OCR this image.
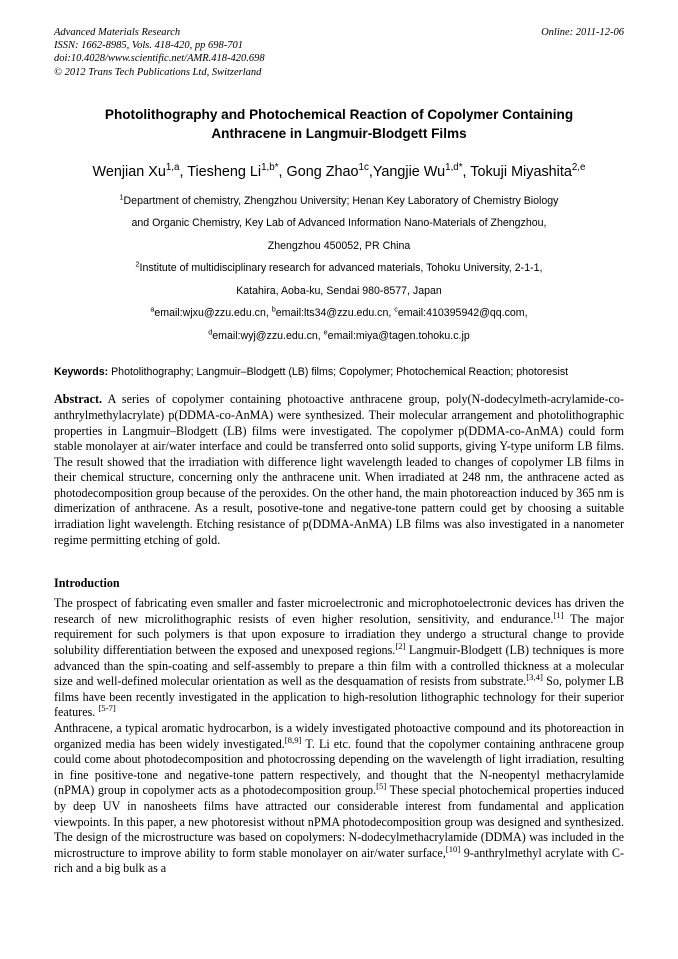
Advanced Materials Research
ISSN: 1662-8985, Vols. 418-420, pp 698-701
doi:10.4028/www.scientific.net/AMR.418-420.698
© 2012 Trans Tech Publications Ltd, Switzerland
Online: 2011-12-06
Photolithography and Photochemical Reaction of Copolymer Containing Anthracene in Langmuir-Blodgett Films
Wenjian Xu$^{1,a}$, Tiesheng $Li^{1,b*}$, Gong Zhao$^{1c}$,Yangjie $Wu^{1,d*}$, Tokuji Miyashita$^{2,e}$
$^1$Department of chemistry, Zhengzhou University; Henan Key Laboratory of Chemistry Biology
and Organic Chemistry, Key Lab of Advanced Information Nano-Materials of Zhengzhou,
Zhengzhou 450052, PR China
$^2$Institute of multidisciplinary research for advanced materials, Tohoku University, 2-1-1,
Katahira, Aoba-ku, Sendai 980-8577, Japan
$^a$email:wjxu@zzu.edu.cn, $^b$email:lts34@zzu.edu.cn, $^c$email:410395942@qq.com,
$^d$email:wyj@zzu.edu.cn, $^e$email:miya@tagen.tohoku.c.jp
Keywords: Photolithography; Langmuir–Blodgett (LB) films; Copolymer; Photochemical Reaction; photoresist
Abstract. A series of copolymer containing photoactive anthracene group, poly(N-dodecylmeth-acrylamide-co-anthrylmethylacrylate) p(DDMA-co-AnMA) were synthesized. Their molecular arrangement and photolithographic properties in Langmuir–Blodgett (LB) films were investigated. The copolymer p(DDMA-co-AnMA) could form stable monolayer at air/water interface and could be transferred onto solid supports, giving Y-type uniform LB films. The result showed that the irradiation with difference light wavelength leaded to changes of copolymer LB films in their chemical structure, concerning only the anthracene unit. When irradiated at 248 nm, the anthracene acted as photodecomposition group because of the peroxides. On the other hand, the main photoreaction induced by 365 nm is dimerization of anthracene. As a result, posotive-tone and negative-tone pattern could get by choosing a suitable irradiation light wavelength. Etching resistance of p(DDMA-AnMA) LB films was also investigated in a nanometer regime permitting etching of gold.
Introduction

The prospect of fabricating even smaller and faster microelectronic and microphotoelectronic devices has driven the research of new microlithographic resists of even higher resolution, sensitivity, and endurance.[1] The major requirement for such polymers is that upon exposure to irradiation they undergo a structural change to provide solubility differentiation between the exposed and unexposed regions.[2] Langmuir-Blodgett (LB) techniques is more advanced than the spin-coating and self-assembly to prepare a thin film with a controlled thickness at a molecular size and well-defined molecular orientation as well as the desquamation of resists from substrate.[3,4] So, polymer LB films have been recently investigated in the application to high-resolution lithographic technology for their superior features. [5-7]

Anthracene, a typical aromatic hydrocarbon, is a widely investigated photoactive compound and its photoreaction in organized media has been widely investigated.[8,9] T. Li etc. found that the copolymer containing anthracene group could come about photodecomposition and photocrossing depending on the wavelength of light irradiation, resulting in fine positive-tone and negative-tone pattern respectively, and thought that the N-neopentyl methacrylamide (nPMA) group in copolymer acts as a photodecomposition group.[5] These special photochemical properties induced by deep UV in nanosheets films have attracted our considerable interest from fundamental and application viewpoints. In this paper, a new photoresist without nPMA photodecomposition group was designed and synthesized. The design of the microstructure was based on copolymers: N-dodecylmethacrylamide (DDMA) was included in the microstructure to improve ability to form stable monolayer on air/water surface,[10] 9-anthrylmethyl acrylate with C-rich and a big bulk as a
